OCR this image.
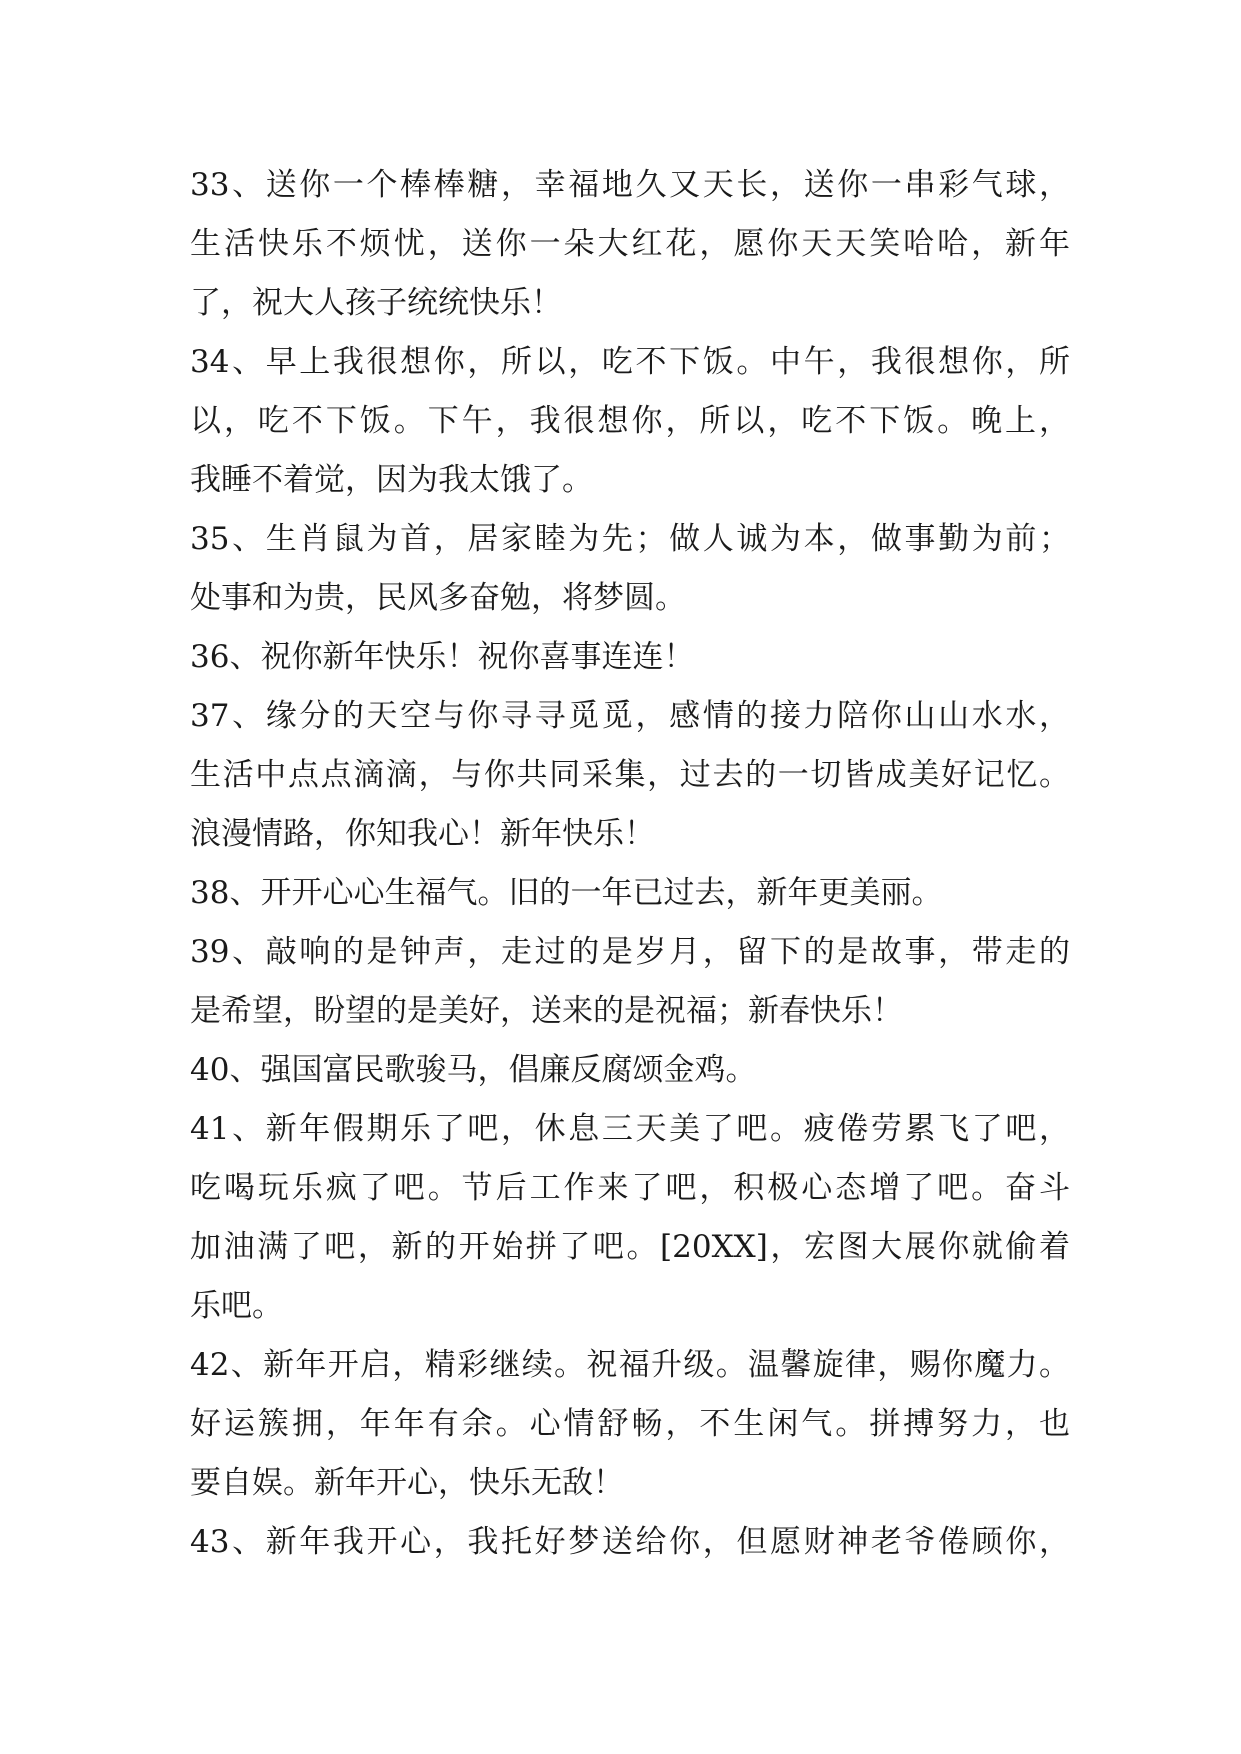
33、送你一个棒棒糖，幸福地久又天长，送你一串彩气球，
生活快乐不烦忧，送你一朵大红花，愿你天天笑哈哈，新年
了，祝大人孩子统统快乐！
34、早上我很想你，所以，吃不下饭。中午，我很想你，所
以，吃不下饭。下午，我很想你，所以，吃不下饭。晚上，
我睡不着觉，因为我太饿了。
35、生肖鼠为首，居家睦为先；做人诚为本，做事勤为前；
处事和为贵，民风多奋勉，将梦圆。
36、祝你新年快乐！祝你喜事连连！
37、缘分的天空与你寻寻觅觅，感情的接力陪你山山水水，
生活中点点滴滴，与你共同采集，过去的一切皆成美好记忆。
浪漫情路，你知我心！新年快乐！
38、开开心心生福气。旧的一年已过去，新年更美丽。
39、敲响的是钟声，走过的是岁月，留下的是故事，带走的
是希望，盼望的是美好，送来的是祝福；新春快乐！
40、强国富民歌骏马，倡廉反腐颂金鸡。
41、新年假期乐了吧，休息三天美了吧。疲倦劳累飞了吧，
吃喝玩乐疯了吧。节后工作来了吧，积极心态增了吧。奋斗
加油满了吧，新的开始拼了吧。[20XX]，宏图大展你就偷着
乐吧。
42、新年开启，精彩继续。祝福升级。温馨旋律，赐你魔力。
好运簇拥，年年有余。心情舒畅，不生闲气。拼搏努力，也
要自娱。新年开心，快乐无敌！
43、新年我开心，我托好梦送给你，但愿财神老爷倦顾你，
